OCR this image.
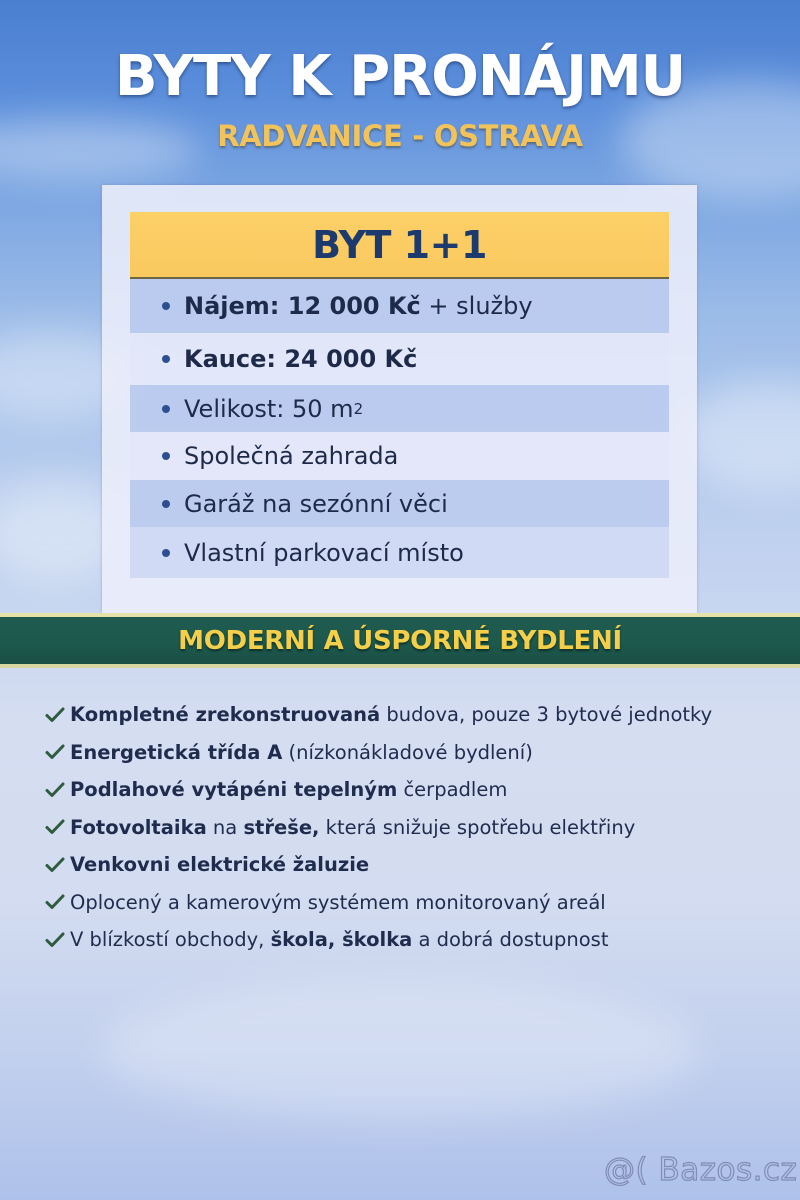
BYTY K PRONÁJMU
RADVANICE - OSTRAVA
BYT 1+1
Nájem: 12 000 Kč + služby
Kauce: 24 000 Kč
Velikost: 50 m 2
Společná zahrada
Garáž na sezónní věci
Vlastní parkovací místo
MODERNÍ A ÚSPORNÉ BYDLENÍ
Kompletné zrekonstruovaná budova, pouze 3 bytové jednotky
Energetická třída A (nízkonákladové bydlení)
Podlahové vytápéni tepelným čerpadlem
Fotovoltaika na střeše, která snižuje spotřebu elektřiny
Venkovni elektrické žaluzie
Oplocený a kamerovým systémem monitorovaný areál
V blízkostí obchody, škola, školka a dobrá dostupnost
@( Bazos.cz
